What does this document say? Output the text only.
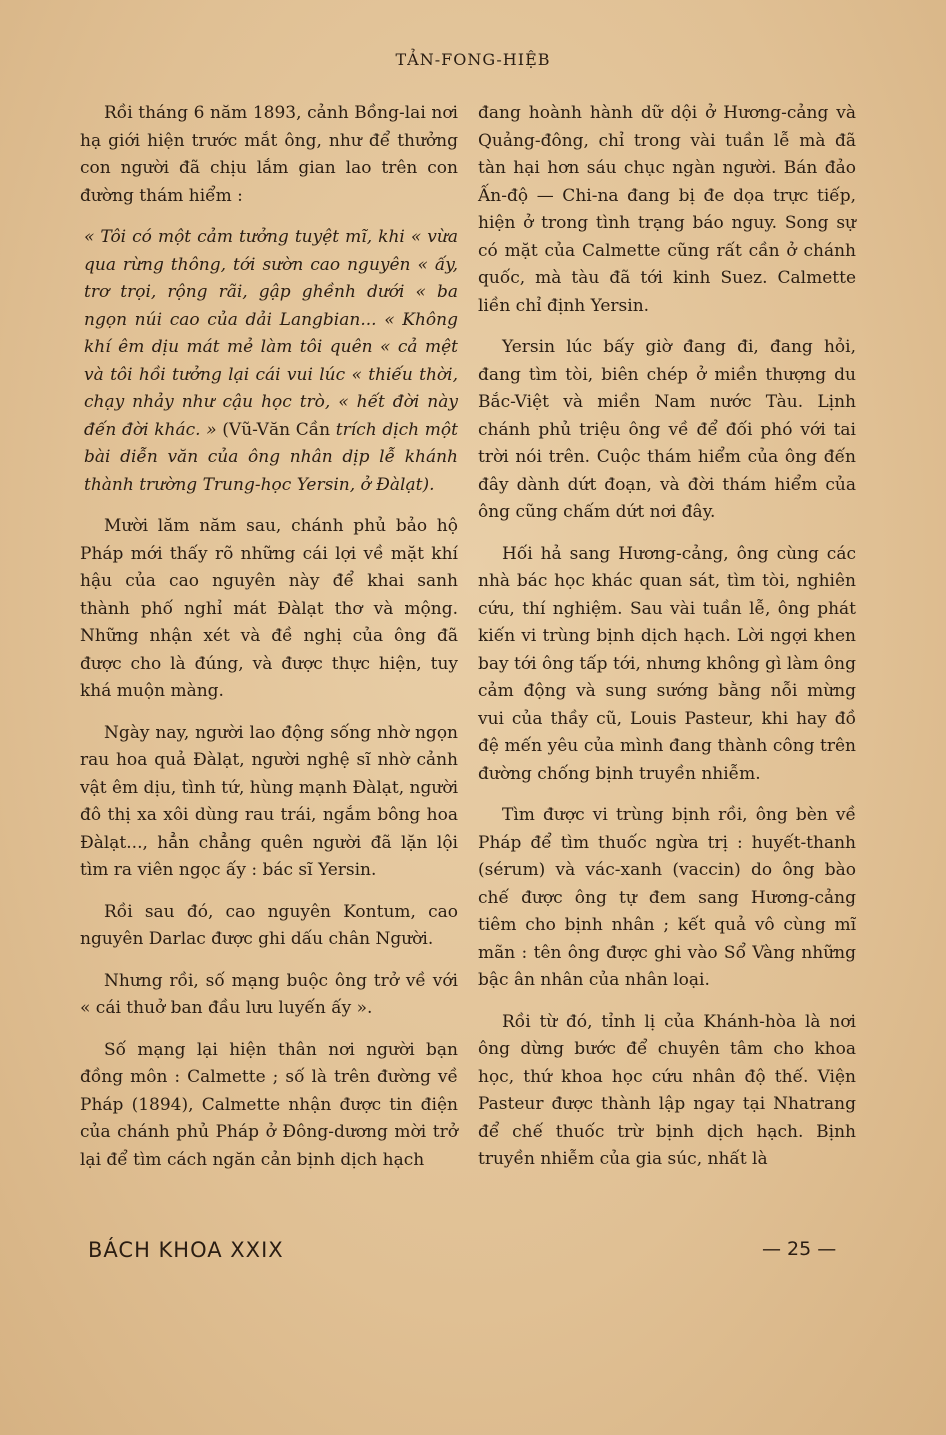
TẢN-FONG-HIỆB

Rồi tháng 6 năm 1893, cảnh Bồng-lai nơi hạ giới hiện trước mắt ông, như để thưởng con người đã chịu lắm gian lao trên con đường thám hiểm :

« Tôi có một cảm tưởng tuyệt mĩ, khi « vừa qua rừng thông, tới sườn cao nguyên « ấy, trơ trọi, rộng rãi, gập ghềnh dưới « ba ngọn núi cao của dải Langbian... « Không khí êm dịu mát mẻ làm tôi quên « cả mệt và tôi hồi tưởng lại cái vui lúc « thiếu thời, chạy nhảy như cậu học trò, « hết đời này đến đời khác. » (Vũ-Văn Cần trích dịch một bài diễn văn của ông nhân dịp lễ khánh thành trường Trung-học Yersin, ở Đàlạt).

Mười lăm năm sau, chánh phủ bảo hộ Pháp mới thấy rõ những cái lợi về mặt khí hậu của cao nguyên này để khai sanh thành phố nghỉ mát Đàlạt thơ và mộng. Những nhận xét và đề nghị của ông đã được cho là đúng, và được thực hiện, tuy khá muộn màng.

Ngày nay, người lao động sống nhờ ngọn rau hoa quả Đàlạt, người nghệ sĩ nhờ cảnh vật êm dịu, tình tứ, hùng mạnh Đàlạt, người đô thị xa xôi dùng rau trái, ngắm bông hoa Đàlạt..., hẳn chẳng quên người đã lặn lội tìm ra viên ngọc ấy : bác sĩ Yersin.

Rồi sau đó, cao nguyên Kontum, cao nguyên Darlac được ghi dấu chân Người.

Nhưng rồi, số mạng buộc ông trở về với « cái thuở ban đầu lưu luyến ấy ».

Số mạng lại hiện thân nơi người bạn đồng môn : Calmette ; số là trên đường về Pháp (1894), Calmette nhận được tin điện của chánh phủ Pháp ở Đông-dương mời trở lại để tìm cách ngăn cản bịnh dịch hạch

đang hoành hành dữ dội ở Hương-cảng và Quảng-đông, chỉ trong vài tuần lễ mà đã tàn hại hơn sáu chục ngàn người. Bán đảo Ấn-độ — Chi-na đang bị đe dọa trực tiếp, hiện ở trong tình trạng báo nguy. Song sự có mặt của Calmette cũng rất cần ở chánh quốc, mà tàu đã tới kinh Suez. Calmette liền chỉ định Yersin.

Yersin lúc bấy giờ đang đi, đang hỏi, đang tìm tòi, biên chép ở miền thượng du Bắc-Việt và miền Nam nước Tàu. Lịnh chánh phủ triệu ông về để đối phó với tai trời nói trên. Cuộc thám hiểm của ông đến đây dành dứt đoạn, và đời thám hiểm của ông cũng chấm dứt nơi đây.

Hối hả sang Hương-cảng, ông cùng các nhà bác học khác quan sát, tìm tòi, nghiên cứu, thí nghiệm. Sau vài tuần lễ, ông phát kiến vi trùng bịnh dịch hạch. Lời ngợi khen bay tới ông tấp tới, nhưng không gì làm ông cảm động và sung sướng bằng nỗi mừng vui của thầy cũ, Louis Pasteur, khi hay đồ đệ mến yêu của mình đang thành công trên đường chống bịnh truyền nhiễm.

Tìm được vi trùng bịnh rồi, ông bèn về Pháp để tìm thuốc ngừa trị : huyết-thanh (sérum) và vác-xanh (vaccin) do ông bào chế được ông tự đem sang Hương-cảng tiêm cho bịnh nhân ; kết quả vô cùng mĩ mãn : tên ông được ghi vào Sổ Vàng những bậc ân nhân của nhân loại.

Rồi từ đó, tỉnh lị của Khánh-hòa là nơi ông dừng bước để chuyên tâm cho khoa học, thứ khoa học cứu nhân độ thế. Viện Pasteur được thành lập ngay tại Nhatrang để chế thuốc trừ bịnh dịch hạch. Bịnh truyền nhiễm của gia súc, nhất là

BÁCH KHOA XXIX	— 25 —
